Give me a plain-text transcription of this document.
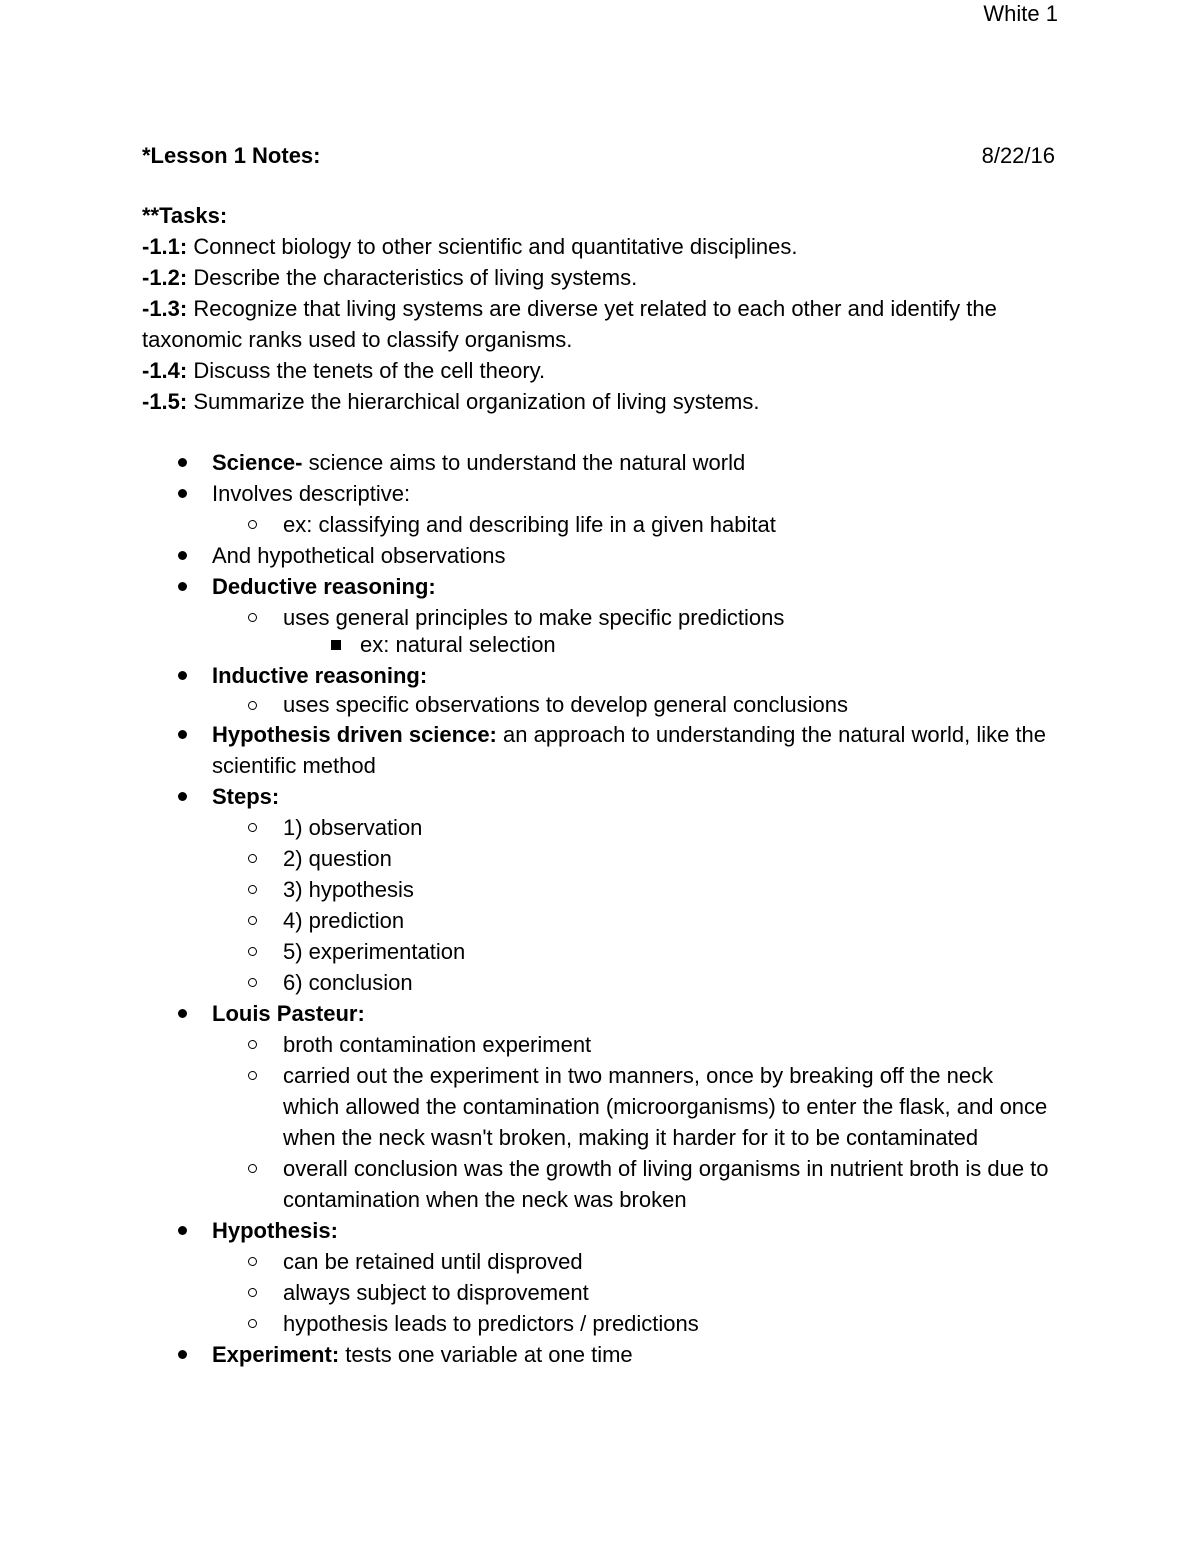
White 1
*Lesson 1 Notes:	8/22/16
**Tasks:
-1.1: Connect biology to other scientific and quantitative disciplines.
-1.2: Describe the characteristics of living systems.
-1.3: Recognize that living systems are diverse yet related to each other and identify the taxonomic ranks used to classify organisms.
-1.4: Discuss the tenets of the cell theory.
-1.5: Summarize the hierarchical organization of living systems.
Science- science aims to understand the natural world
Involves descriptive:
ex: classifying and describing life in a given habitat
And hypothetical observations
Deductive reasoning:
uses general principles to make specific predictions
ex: natural selection
Inductive reasoning:
uses specific observations to develop general conclusions
Hypothesis driven science: an approach to understanding the natural world, like the scientific method
Steps:
1) observation
2) question
3) hypothesis
4) prediction
5) experimentation
6) conclusion
Louis Pasteur:
broth contamination experiment
carried out the experiment in two manners, once by breaking off the neck which allowed the contamination (microorganisms) to enter the flask, and once when the neck wasn't broken, making it harder for it to be contaminated
overall conclusion was the growth of living organisms in nutrient broth is due to contamination when the neck was broken
Hypothesis:
can be retained until disproved
always subject to disprovement
hypothesis leads to predictors / predictions
Experiment: tests one variable at one time
